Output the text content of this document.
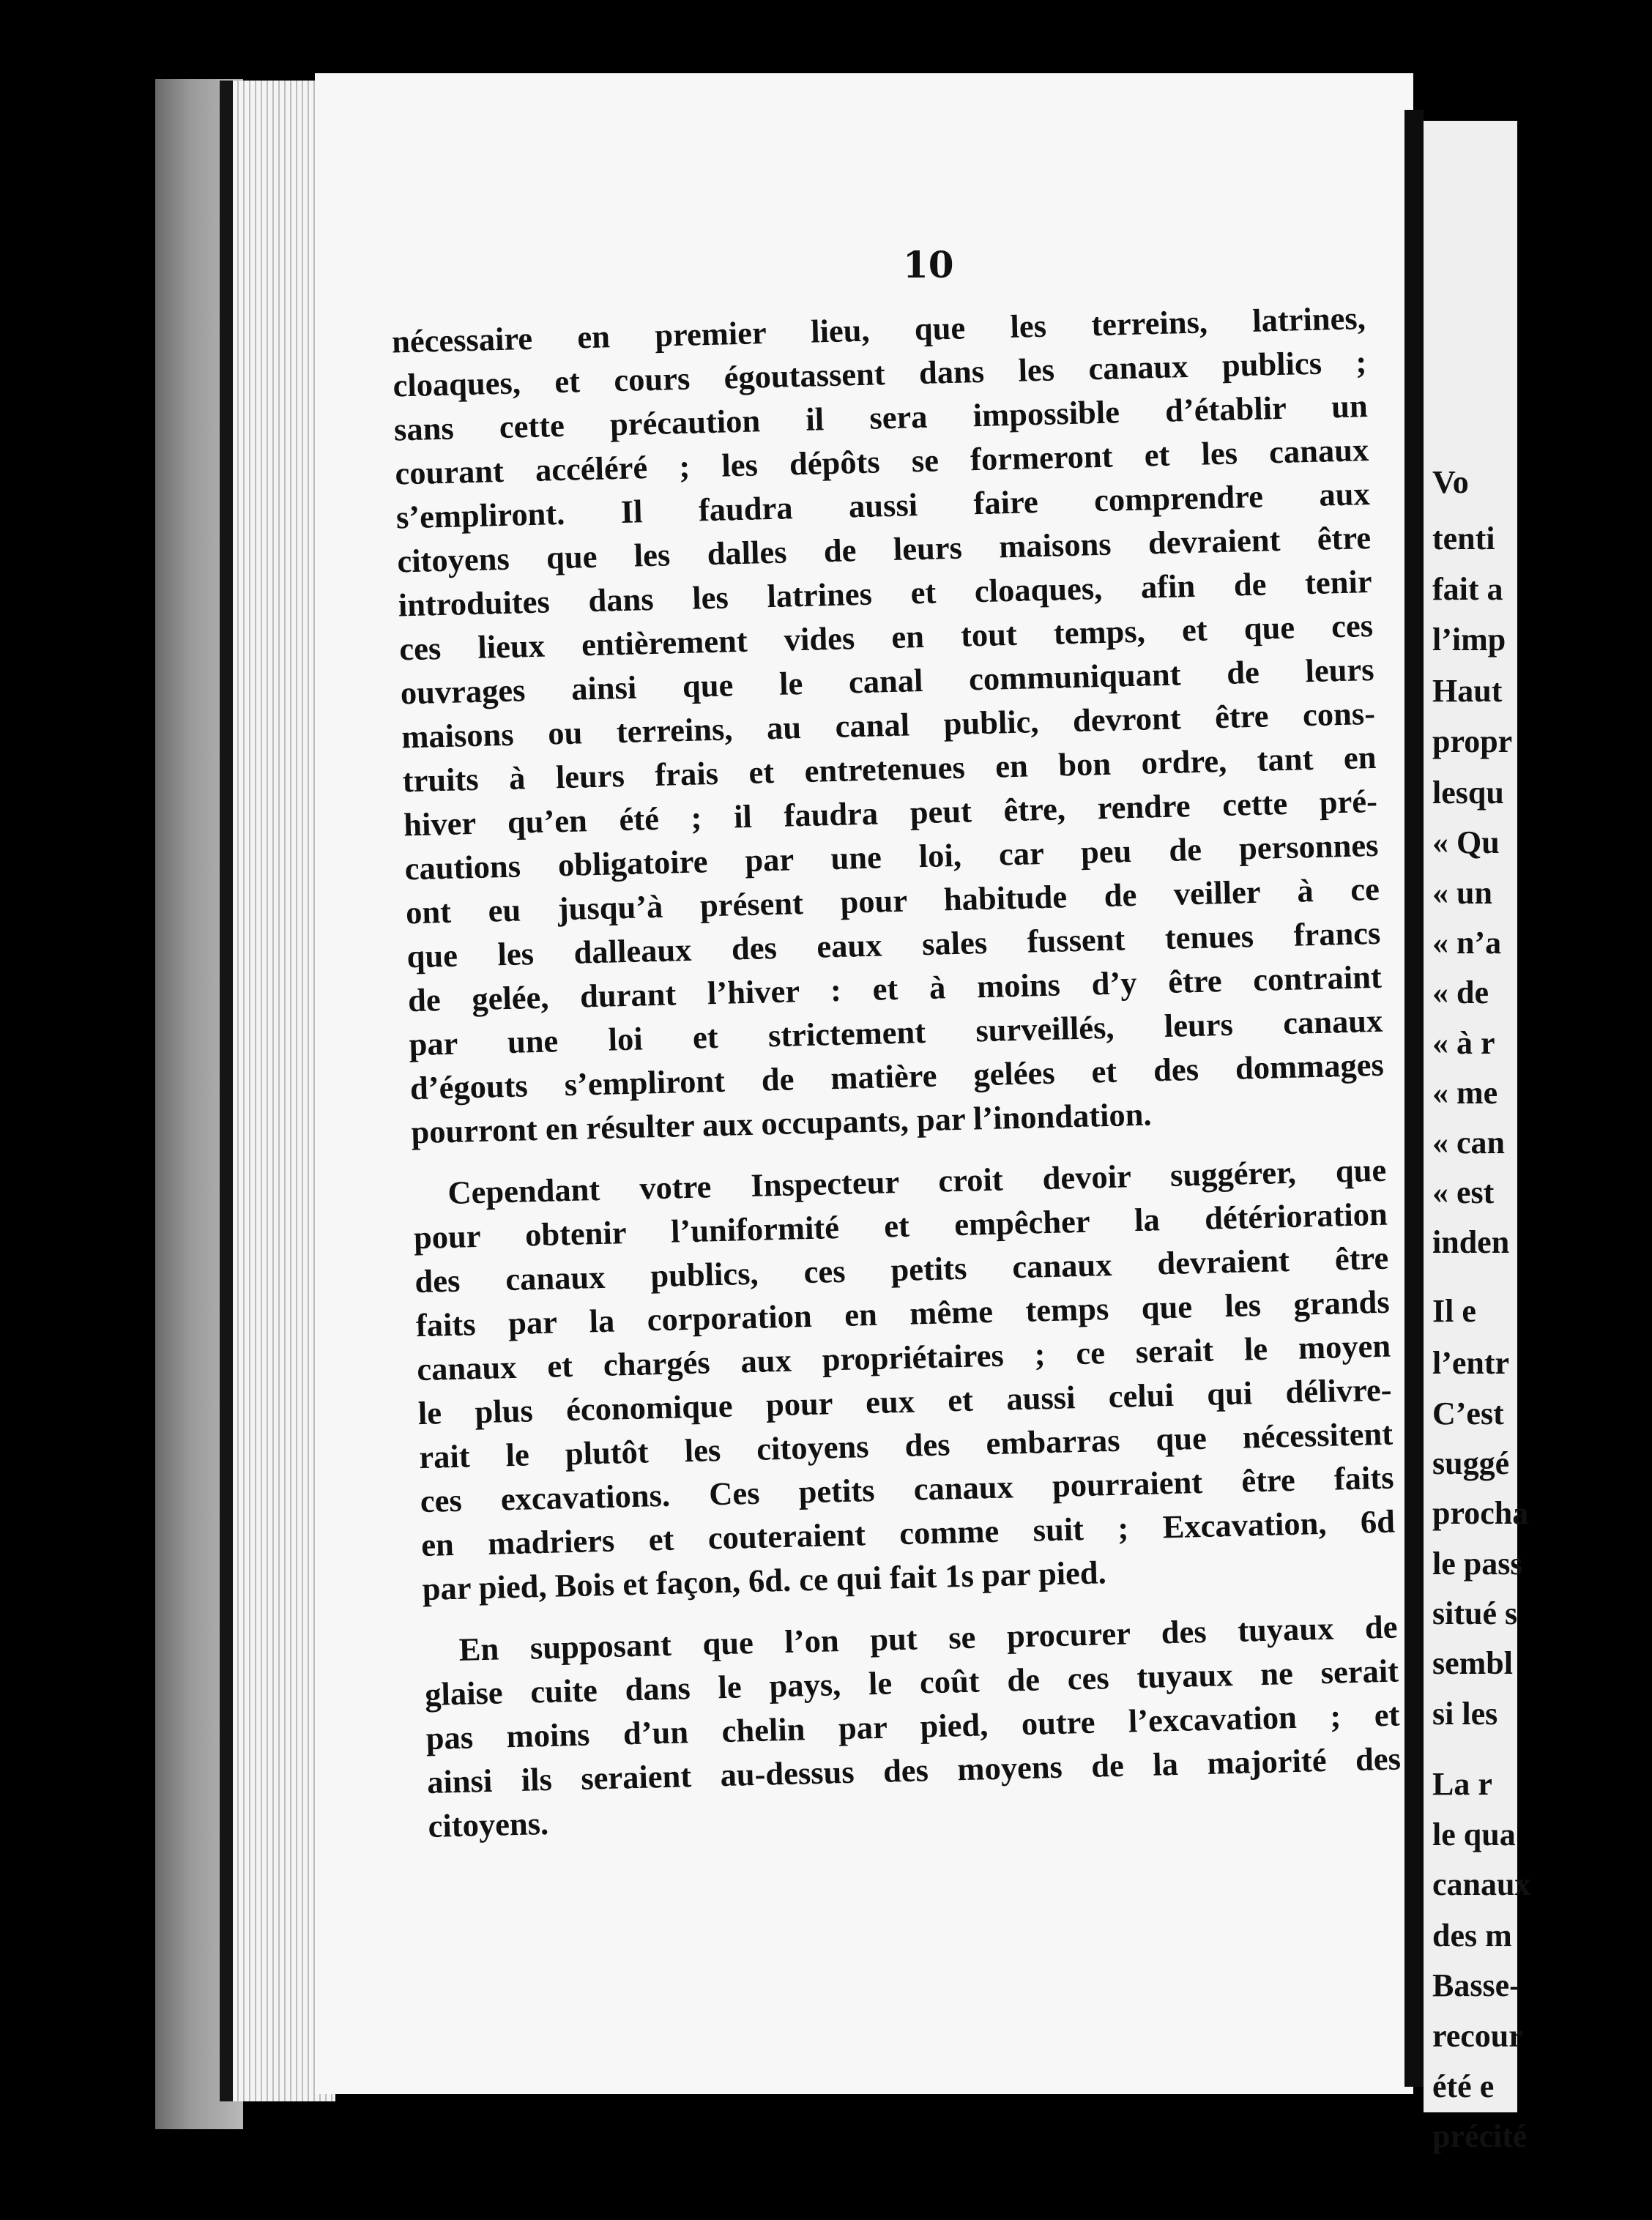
10
nécessaire en premier lieu, que les terreins, latrines,
cloaques, et cours égoutassent dans les canaux publics ;
sans cette précaution il sera impossible d’établir un
courant accéléré ; les dépôts se formeront et les canaux
s’empliront. Il faudra aussi faire comprendre aux
citoyens que les dalles de leurs maisons devraient être
introduites dans les latrines et cloaques, afin de tenir
ces lieux entièrement vides en tout temps, et que ces
ouvrages ainsi que le canal communiquant de leurs
maisons ou terreins, au canal public, devront être cons-
truits à leurs frais et entretenues en bon ordre, tant en
hiver qu’en été ; il faudra peut être, rendre cette pré-
cautions obligatoire par une loi, car peu de personnes
ont eu jusqu’à présent pour habitude de veiller à ce
que les dalleaux des eaux sales fussent tenues francs
de gelée, durant l’hiver : et à moins d’y être contraint
par une loi et strictement surveillés, leurs canaux
d’égouts s’empliront de matière gelées et des dommages
pourront en résulter aux occupants, par l’inondation.
Cependant votre Inspecteur croit devoir suggérer, que
pour obtenir l’uniformité et empêcher la détérioration
des canaux publics, ces petits canaux devraient être
faits par la corporation en même temps que les grands
canaux et chargés aux propriétaires ; ce serait le moyen
le plus économique pour eux et aussi celui qui délivre-
rait le plutôt les citoyens des embarras que nécessitent
ces excavations. Ces petits canaux pourraient être faits
en madriers et couteraient comme suit ; Excavation, 6d
par pied, Bois et façon, 6d. ce qui fait 1s par pied.
En supposant que l’on put se procurer des tuyaux de
glaise cuite dans le pays, le coût de ces tuyaux ne serait
pas moins d’un chelin par pied, outre l’excavation ; et
ainsi ils seraient au-dessus des moyens de la majorité des
citoyens.
Vo
tenti
fait a
l’imp
Haut
propr
lesqu
« Qu
« un
« n’a
« de
« à r
« me
« can
« est
inden
Il e
l’entr
C’est
suggé
procha
le pass
situé s
sembl
si les
La r
le qua
canaux
des m
Basse-
recour
été e
précité
